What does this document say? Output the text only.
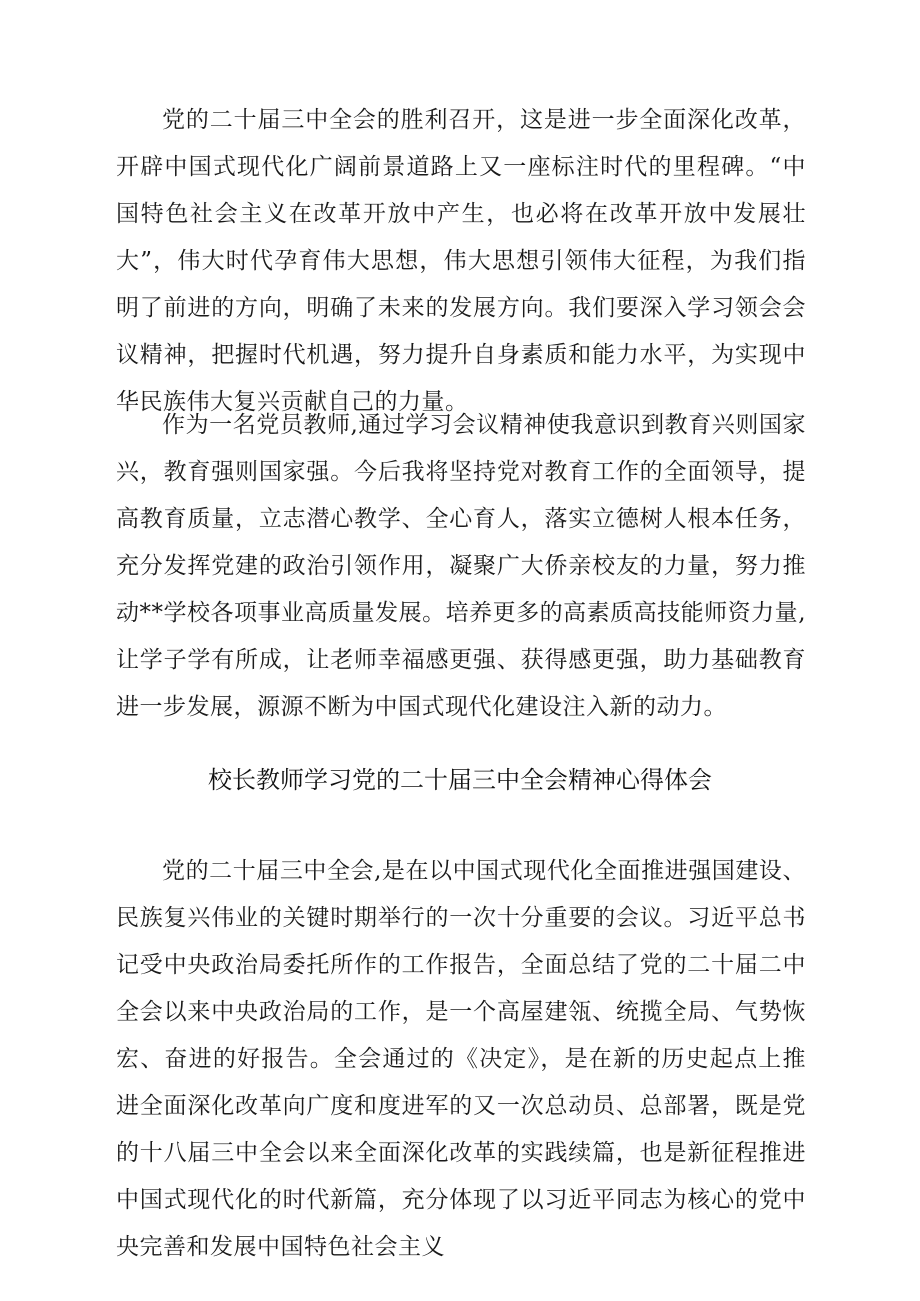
党的二十届三中全会的胜利召开，这是进一步全面深化改革，开辟中国式现代化广阔前景道路上又一座标注时代的里程碑。“中国特色社会主义在改革开放中产生，也必将在改革开放中发展壮大”，伟大时代孕育伟大思想，伟大思想引领伟大征程，为我们指明了前进的方向，明确了未来的发展方向。我们要深入学习领会会议精神，把握时代机遇，努力提升自身素质和能力水平，为实现中华民族伟大复兴贡献自己的力量。

作为一名党员教师,通过学习会议精神使我意识到教育兴则国家兴，教育强则国家强。今后我将坚持党对教育工作的全面领导，提高教育质量，立志潜心教学、全心育人，落实立德树人根本任务，充分发挥党建的政治引领作用，凝聚广大侨亲校友的力量，努力推动**学校各项事业高质量发展。培养更多的高素质高技能师资力量,让学子学有所成，让老师幸福感更强、获得感更强，助力基础教育进一步发展，源源不断为中国式现代化建设注入新的动力。

校长教师学习党的二十届三中全会精神心得体会

党的二十届三中全会,是在以中国式现代化全面推进强国建设、民族复兴伟业的关键时期举行的一次十分重要的会议。习近平总书记受中央政治局委托所作的工作报告，全面总结了党的二十届二中全会以来中央政治局的工作，是一个高屋建瓴、统揽全局、气势恢宏、奋进的好报告。全会通过的《决定》，是在新的历史起点上推进全面深化改革向广度和度进军的又一次总动员、总部署，既是党的十八届三中全会以来全面深化改革的实践续篇，也是新征程推进中国式现代化的时代新篇，充分体现了以习近平同志为核心的党中央完善和发展中国特色社会主义
